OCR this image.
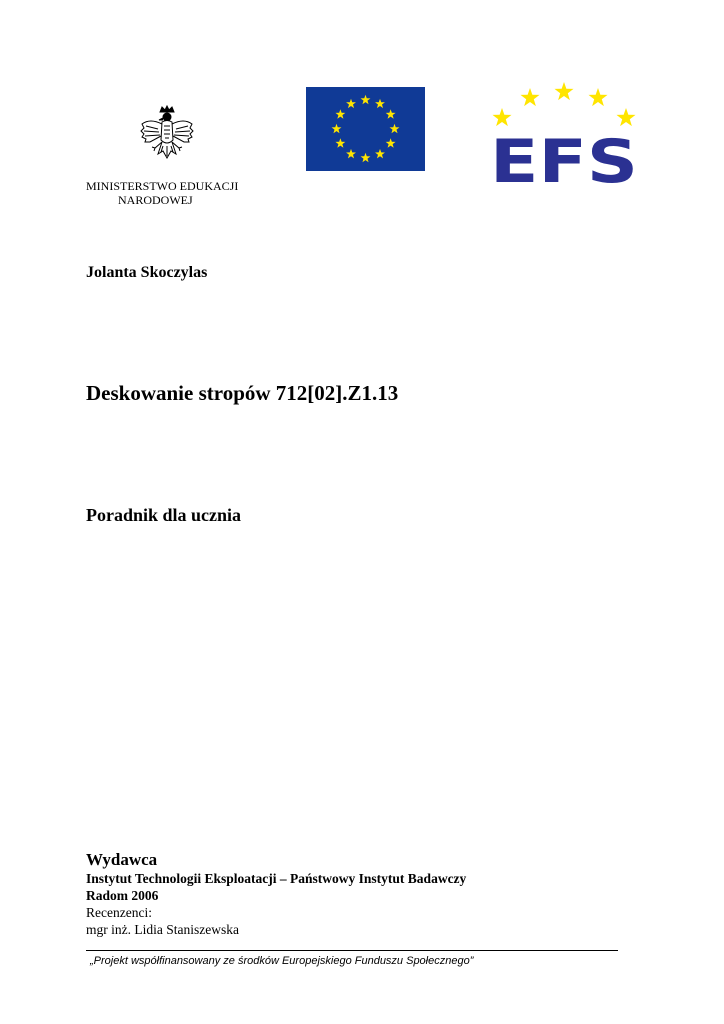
MINISTERSTWO EDUKACJI
NARODOWEJ
EFS
Jolanta Skoczylas
Deskowanie stropów 712[02].Z1.13
Poradnik dla ucznia
Wydawca
Instytut Technologii Eksploatacji – Państwowy Instytut Badawczy
Radom 2006
Recenzenci:
mgr inż. Lidia Staniszewska
„Projekt współfinansowany ze środków Europejskiego Funduszu Społecznego”
